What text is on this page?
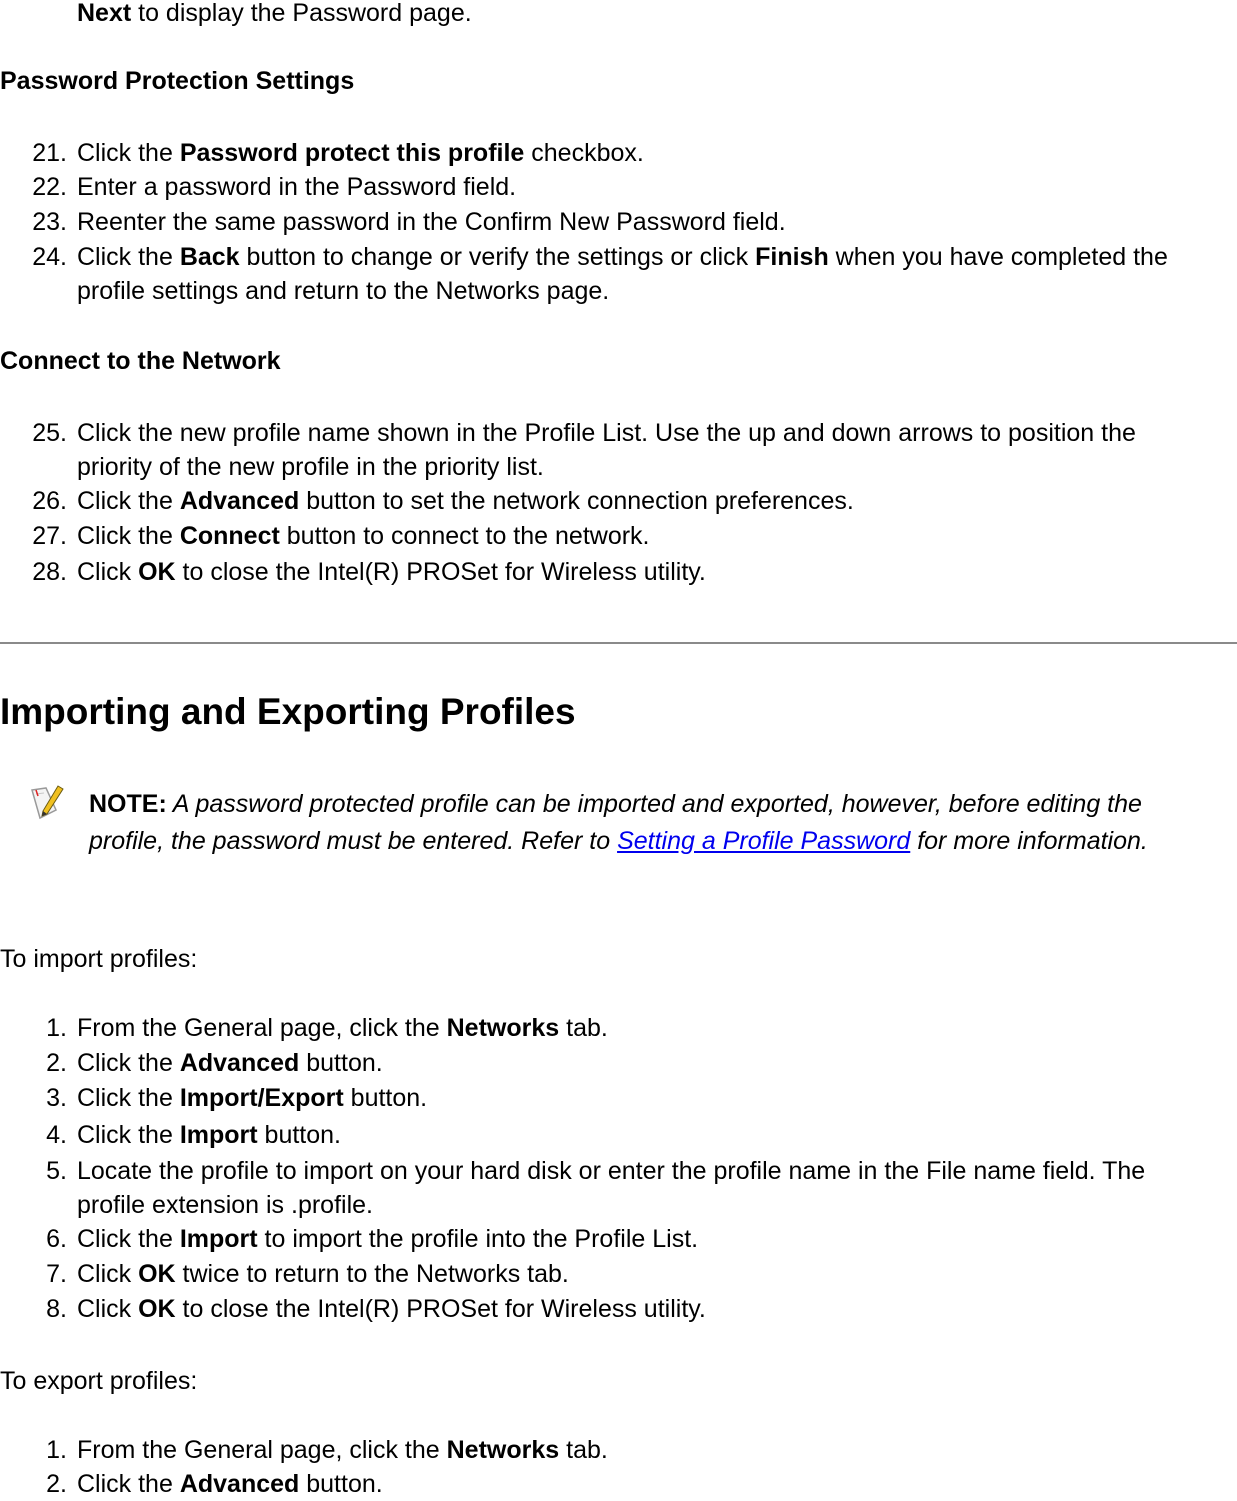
Next to display the Password page.
Password Protection Settings
21. Click the Password protect this profile checkbox.
22. Enter a password in the Password field.
23. Reenter the same password in the Confirm New Password field.
24. Click the Back button to change or verify the settings or click Finish when you have completed the profile settings and return to the Networks page.
Connect to the Network
25. Click the new profile name shown in the Profile List. Use the up and down arrows to position the priority of the new profile in the priority list.
26. Click the Advanced button to set the network connection preferences.
27. Click the Connect button to connect to the network.
28. Click OK to close the Intel(R) PROSet for Wireless utility.
Importing and Exporting Profiles
NOTE: A password protected profile can be imported and exported, however, before editing the profile, the password must be entered. Refer to Setting a Profile Password for more information.
To import profiles:
1. From the General page, click the Networks tab.
2. Click the Advanced button.
3. Click the Import/Export button.
4. Click the Import button.
5. Locate the profile to import on your hard disk or enter the profile name in the File name field. The profile extension is .profile.
6. Click the Import to import the profile into the Profile List.
7. Click OK twice to return to the Networks tab.
8. Click OK to close the Intel(R) PROSet for Wireless utility.
To export profiles:
1. From the General page, click the Networks tab.
2. Click the Advanced button.
